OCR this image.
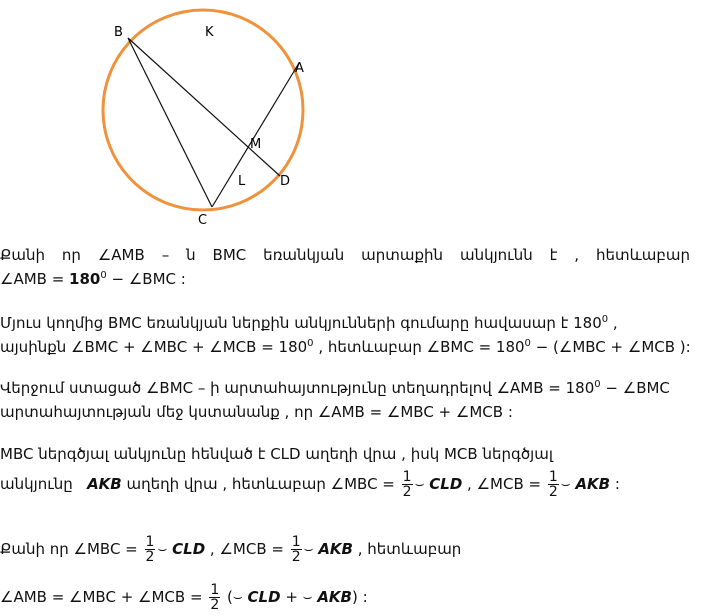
B	K
A
M
L	D
C
Քանի որ ∠AMB – ն BMC եռանկյան արտաքին անկյունն է , հետևաբար
∠AMB = $180^0$ − ∠BMC :
Մյուս կողմից BMC եռանկյան ներքին անկյունների գումարը հավասար է $180^0$ ,
այսինքն ∠BMC + ∠MBC + ∠MCB = $180^0$ , հետևաբար ∠BMC = $180^0$ − (∠MBC + ∠MCB ):
Վերջում ստացած ∠BMC – ի արտահայտությունը տեղադրելով ∠AMB = $180^0$ − ∠BMC
արտահայտության մեջ կստանանք , որ ∠AMB = ∠MBC + ∠MCB :
MBC ներգծյալ անկյունը հենված է CLD աղեղի վրա , իսկ MCB ներգծյալ
անկյունը AKB աղեղի վրա , հետևաբար ∠MBC = $\frac{1}{2}$ ⌣ CLD , ∠MCB = $\frac{1}{2}$ ⌣ AKB :
Քանի որ ∠MBC = $\frac{1}{2}$ ⌣ CLD , ∠MCB = $\frac{1}{2}$ ⌣ AKB , հետևաբար
∠AMB = ∠MBC + ∠MCB = $\frac{1}{2}$ (⌣ CLD + ⌣ AKB) :
